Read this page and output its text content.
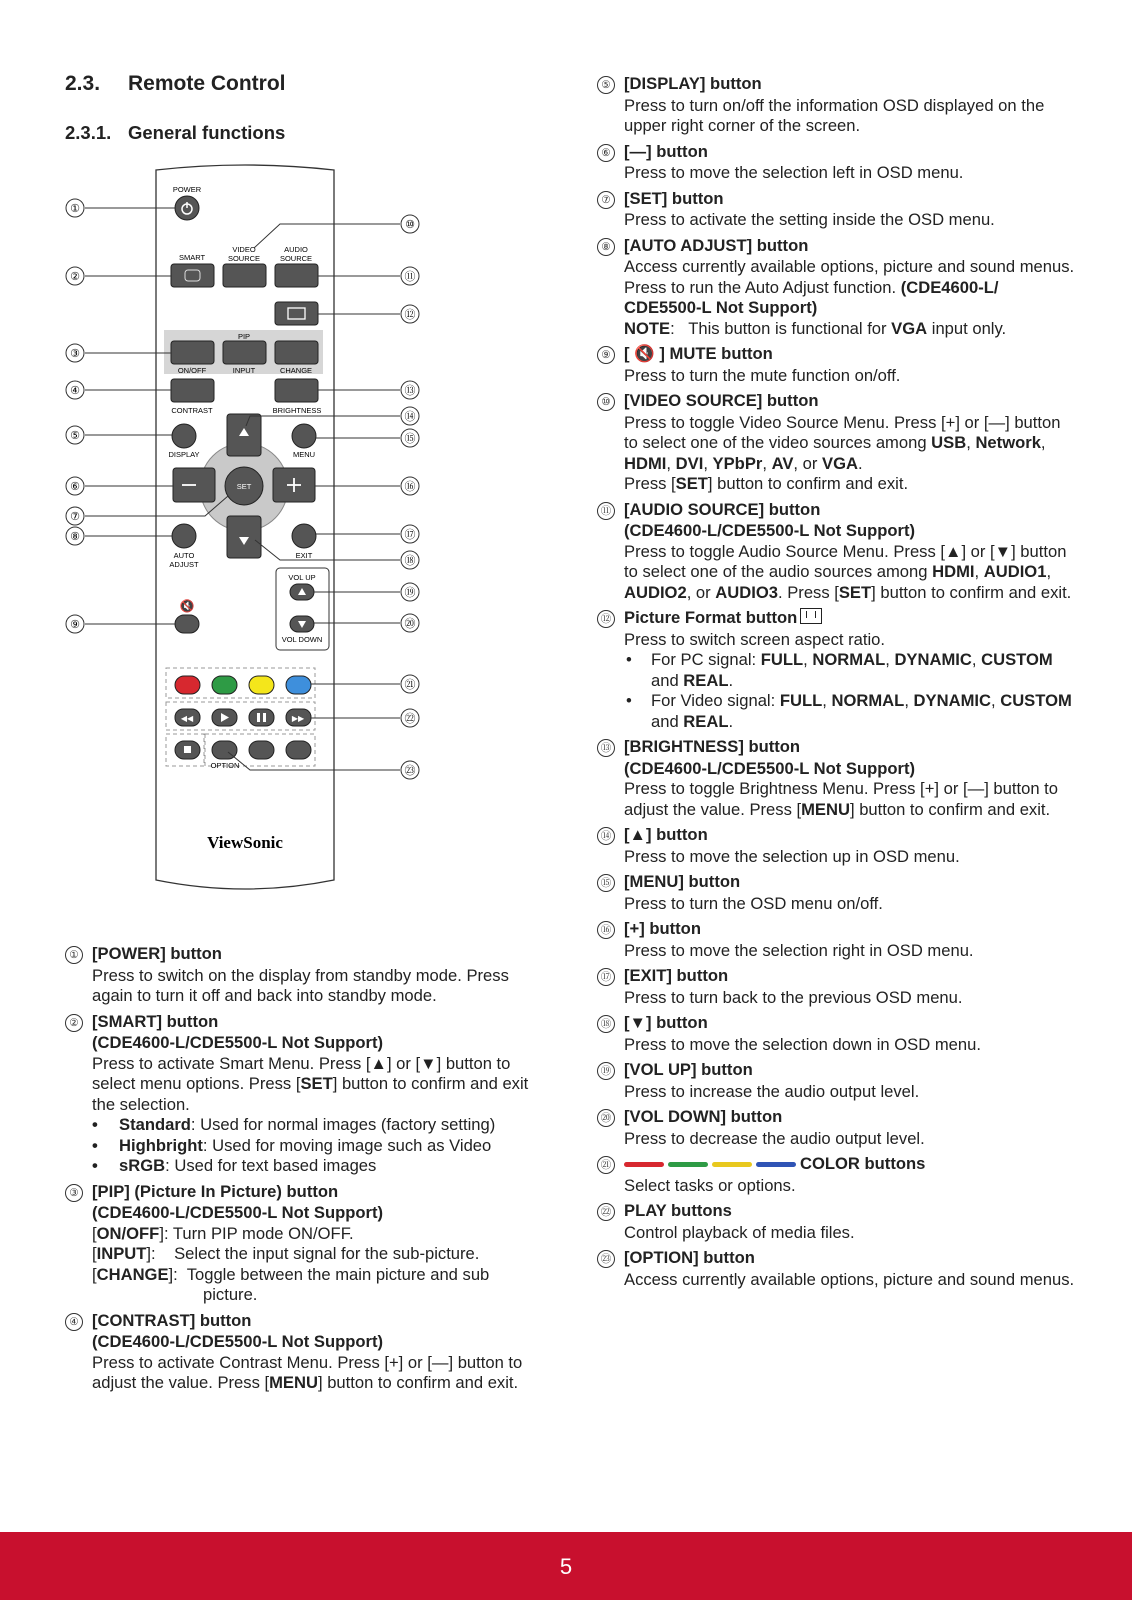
2.3. Remote Control
2.3.1. General functions
POWER
SMART
VIDEO
SOURCE
AUDIO
SOURCE
PIP
ON/OFF	INPUT	CHANGE
CONTRAST	BRIGHTNESS
SET
DISPLAY	MENU
AUTO
ADJUST
EXIT
VOL UP
VOL DOWN
🔇
◀◀	▶▶
OPTION
ViewSonic
①
②
③
④
⑤
⑥
⑦
⑧
⑨
⑩
⑪
⑫
⑬
⑭
⑮
⑯
⑰
⑱
⑲
⑳
㉑
㉒
㉓
① [POWER] button
Press to switch on the display from standby mode. Press again to turn it off and back into standby mode.
② [SMART] button
(CDE4600-L/CDE5500-L Not Support)
Press to activate Smart Menu. Press [▲] or [▼] button to select menu options. Press [SET] button to confirm and exit the selection.
• Standard: Used for normal images (factory setting)
• Highbright: Used for moving image such as Video
• sRGB: Used for text based images
③ [PIP] (Picture In Picture) button
(CDE4600-L/CDE5500-L Not Support)
[ON/OFF]: Turn PIP mode ON/OFF.
[INPUT]:    Select the input signal for the sub-picture.
[CHANGE]:  Toggle between the main picture and sub picture.
④ [CONTRAST] button
(CDE4600-L/CDE5500-L Not Support)
Press to activate Contrast Menu. Press [+] or [—] button to adjust the value. Press [MENU] button to confirm and exit.
⑤ [DISPLAY] button
Press to turn on/off the information OSD displayed on the upper right corner of the screen.
⑥ [—] button
Press to move the selection left in OSD menu.
⑦ [SET] button
Press to activate the setting inside the OSD menu.
⑧ [AUTO ADJUST] button
Access currently available options, picture and sound menus.
Press to run the Auto Adjust function. (CDE4600-L/ CDE5500-L Not Support)
NOTE:   This button is functional for VGA input only.
⑨ [ 🔇 ] MUTE button
Press to turn the mute function on/off.
⑩ [VIDEO SOURCE] button
Press to toggle Video Source Menu. Press [+] or [—] button to select one of the video sources among USB, Network, HDMI, DVI, YPbPr, AV, or VGA.
Press [SET] button to confirm and exit.
⑪ [AUDIO SOURCE] button
(CDE4600-L/CDE5500-L Not Support)
Press to toggle Audio Source Menu. Press [▲] or [▼] button to select one of the audio sources among HDMI, AUDIO1, AUDIO2, or AUDIO3. Press [SET] button to confirm and exit.
⑫ Picture Format button
Press to switch screen aspect ratio.
• For PC signal: FULL, NORMAL, DYNAMIC, CUSTOM and REAL.
• For Video signal: FULL, NORMAL, DYNAMIC, CUSTOM and REAL.
⑬ [BRIGHTNESS] button
(CDE4600-L/CDE5500-L Not Support)
Press to toggle Brightness Menu. Press [+] or [—] button to adjust the value. Press [MENU] button to confirm and exit.
⑭ [▲] button
Press to move the selection up in OSD menu.
⑮ [MENU] button
Press to turn the OSD menu on/off.
⑯ [+] button
Press to move the selection right in OSD menu.
⑰ [EXIT] button
Press to turn back to the previous OSD menu.
⑱ [▼] button
Press to move the selection down in OSD menu.
⑲ [VOL UP] button
Press to increase the audio output level.
⑳ [VOL DOWN] button
Press to decrease the audio output level.
㉑	COLOR buttons
Select tasks or options.
㉒ PLAY buttons
Control playback of media files.
㉓ [OPTION] button
Access currently available options, picture and sound menus.
5
